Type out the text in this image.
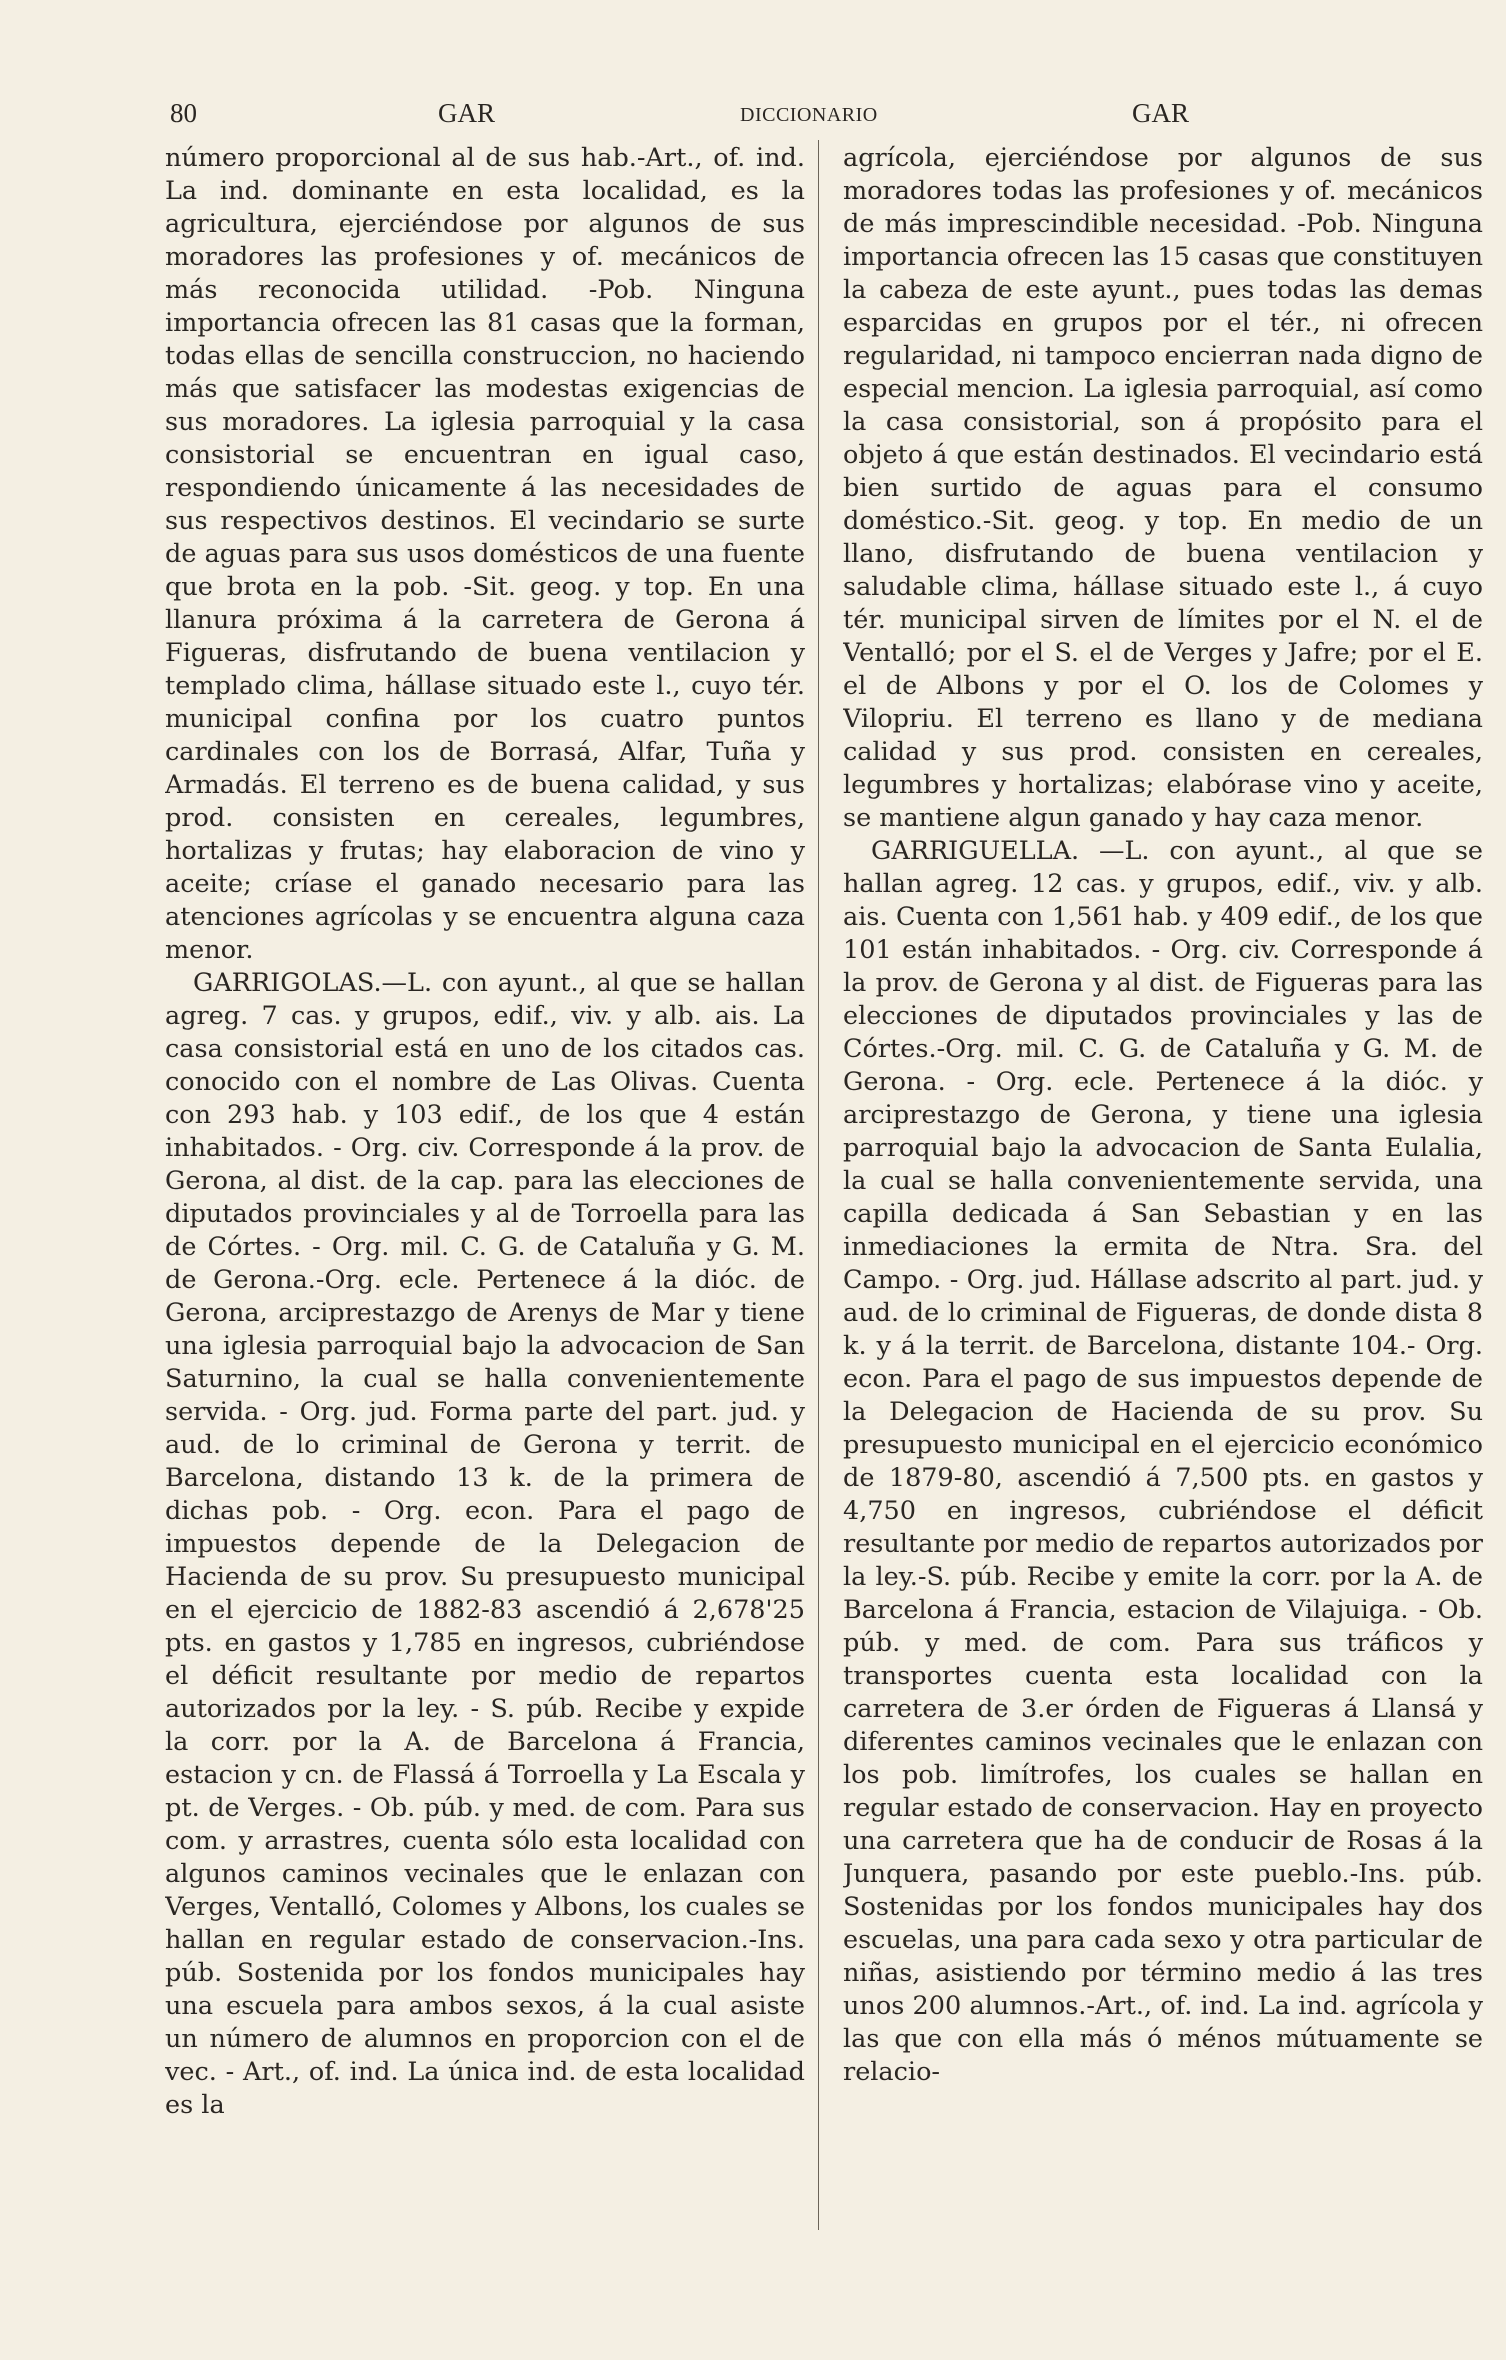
80	GAR	DICCIONARIO	GAR

número proporcional al de sus hab.-Art., of. ind. La ind. dominante en esta localidad, es la agricultura, ejerciéndose por algunos de sus moradores las profesiones y of. mecánicos de más reconocida utilidad. -Pob. Ninguna importancia ofrecen las 81 casas que la forman, todas ellas de sencilla construccion, no haciendo más que satisfacer las modestas exigencias de sus moradores. La iglesia parroquial y la casa consistorial se encuentran en igual caso, respondiendo únicamente á las necesidades de sus respectivos destinos. El vecindario se surte de aguas para sus usos domésticos de una fuente que brota en la pob. -Sit. geog. y top. En una llanura próxima á la carretera de Gerona á Figueras, disfrutando de buena ventilacion y templado clima, hállase situado este l., cuyo tér. municipal confina por los cuatro puntos cardinales con los de Borrasá, Alfar, Tuña y Armadás. El terreno es de buena calidad, y sus prod. consisten en cereales, legumbres, hortalizas y frutas; hay elaboracion de vino y aceite; críase el ganado necesario para las atenciones agrícolas y se encuentra alguna caza menor.

GARRIGOLAS.—L. con ayunt., al que se hallan agreg. 7 cas. y grupos, edif., viv. y alb. ais. La casa consistorial está en uno de los citados cas. conocido con el nombre de Las Olivas. Cuenta con 293 hab. y 103 edif., de los que 4 están inhabitados. - Org. civ. Corresponde á la prov. de Gerona, al dist. de la cap. para las elecciones de diputados provinciales y al de Torroella para las de Córtes. - Org. mil. C. G. de Cataluña y G. M. de Gerona.-Org. ecle. Pertenece á la dióc. de Gerona, arciprestazgo de Arenys de Mar y tiene una iglesia parroquial bajo la advocacion de San Saturnino, la cual se halla convenientemente servida. - Org. jud. Forma parte del part. jud. y aud. de lo criminal de Gerona y territ. de Barcelona, distando 13 k. de la primera de dichas pob. - Org. econ. Para el pago de impuestos depende de la Delegacion de Hacienda de su prov. Su presupuesto municipal en el ejercicio de 1882-83 ascendió á 2,678'25 pts. en gastos y 1,785 en ingresos, cubriéndose el déficit resultante por medio de repartos autorizados por la ley. - S. púb. Recibe y expide la corr. por la A. de Barcelona á Francia, estacion y cn. de Flassá á Torroella y La Escala y pt. de Verges. - Ob. púb. y med. de com. Para sus com. y arrastres, cuenta sólo esta localidad con algunos caminos vecinales que le enlazan con Verges, Ventalló, Colomes y Albons, los cuales se hallan en regular estado de conservacion.-Ins. púb. Sostenida por los fondos municipales hay una escuela para ambos sexos, á la cual asiste un número de alumnos en proporcion con el de vec. - Art., of. ind. La única ind. de esta localidad es la

agrícola, ejerciéndose por algunos de sus moradores todas las profesiones y of. mecánicos de más imprescindible necesidad. -Pob. Ninguna importancia ofrecen las 15 casas que constituyen la cabeza de este ayunt., pues todas las demas esparcidas en grupos por el tér., ni ofrecen regularidad, ni tampoco encierran nada digno de especial mencion. La iglesia parroquial, así como la casa consistorial, son á propósito para el objeto á que están destinados. El vecindario está bien surtido de aguas para el consumo doméstico.-Sit. geog. y top. En medio de un llano, disfrutando de buena ventilacion y saludable clima, hállase situado este l., á cuyo tér. municipal sirven de límites por el N. el de Ventalló; por el S. el de Verges y Jafre; por el E. el de Albons y por el O. los de Colomes y Vilopriu. El terreno es llano y de mediana calidad y sus prod. consisten en cereales, legumbres y hortalizas; elabórase vino y aceite, se mantiene algun ganado y hay caza menor.

GARRIGUELLA. —L. con ayunt., al que se hallan agreg. 12 cas. y grupos, edif., viv. y alb. ais. Cuenta con 1,561 hab. y 409 edif., de los que 101 están inhabitados. - Org. civ. Corresponde á la prov. de Gerona y al dist. de Figueras para las elecciones de diputados provinciales y las de Córtes.-Org. mil. C. G. de Cataluña y G. M. de Gerona. - Org. ecle. Pertenece á la dióc. y arciprestazgo de Gerona, y tiene una iglesia parroquial bajo la advocacion de Santa Eulalia, la cual se halla convenientemente servida, una capilla dedicada á San Sebastian y en las inmediaciones la ermita de Ntra. Sra. del Campo. - Org. jud. Hállase adscrito al part. jud. y aud. de lo criminal de Figueras, de donde dista 8 k. y á la territ. de Barcelona, distante 104.- Org. econ. Para el pago de sus impuestos depende de la Delegacion de Hacienda de su prov. Su presupuesto municipal en el ejercicio económico de 1879-80, ascendió á 7,500 pts. en gastos y 4,750 en ingresos, cubriéndose el déficit resultante por medio de repartos autorizados por la ley.-S. púb. Recibe y emite la corr. por la A. de Barcelona á Francia, estacion de Vilajuiga. - Ob. púb. y med. de com. Para sus tráficos y transportes cuenta esta localidad con la carretera de 3.er órden de Figueras á Llansá y diferentes caminos vecinales que le enlazan con los pob. limítrofes, los cuales se hallan en regular estado de conservacion. Hay en proyecto una carretera que ha de conducir de Rosas á la Junquera, pasando por este pueblo.-Ins. púb. Sostenidas por los fondos municipales hay dos escuelas, una para cada sexo y otra particular de niñas, asistiendo por término medio á las tres unos 200 alumnos.-Art., of. ind. La ind. agrícola y las que con ella más ó ménos mútuamente se relacio-
